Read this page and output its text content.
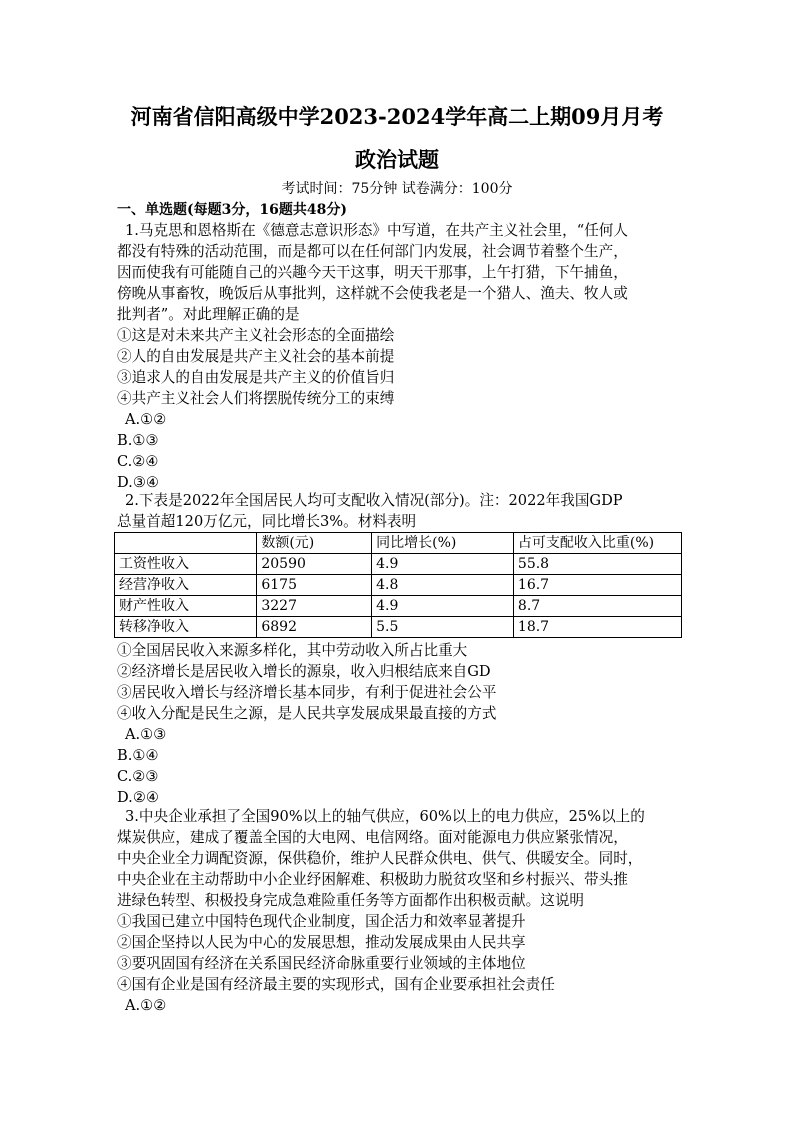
河南省信阳高级中学2023-2024学年高二上期09月月考
政治试题
考试时间：75分钟 试卷满分：100分
一、单选题(每题3分，16题共48分)
1.马克思和恩格斯在《德意志意识形态》中写道，在共产主义社会里，“任何人
都没有特殊的活动范围，而是都可以在任何部门内发展，社会调节着整个生产，
因而使我有可能随自己的兴趣今天干这事，明天干那事，上午打猎，下午捕鱼，
傍晚从事畜牧，晚饭后从事批判，这样就不会使我老是一个猎人、渔夫、牧人或
批判者”。对此理解正确的是
①这是对未来共产主义社会形态的全面描绘
②人的自由发展是共产主义社会的基本前提
③追求人的自由发展是共产主义的价值旨归
④共产主义社会人们将摆脱传统分工的束缚
A.①②
B.①③
C.②④
D.③④
2.下表是2022年全国居民人均可支配收入情况(部分)。注：2022年我国GDP
总量首超120万亿元，同比增长3%。材料表明
	数额(元)	同比增长(%)	占可支配收入比重(%)
工资性收入	20590	4.9	55.8
经营净收入	6175	4.8	16.7
财产性收入	3227	4.9	8.7
转移净收入	6892	5.5	18.7
①全国居民收入来源多样化，其中劳动收入所占比重大
②经济增长是居民收入增长的源泉，收入归根结底来自GD
③居民收入增长与经济增长基本同步，有利于促进社会公平
④收入分配是民生之源，是人民共享发展成果最直接的方式
A.①③
B.①④
C.②③
D.②④
3.中央企业承担了全国90%以上的轴气供应，60%以上的电力供应，25%以上的
煤炭供应，建成了覆盖全国的大电网、电信网络。面对能源电力供应紧张情况，
中央企业全力调配资源，保供稳价，维护人民群众供电、供气、供暖安全。同时，
中央企业在主动帮助中小企业纾困解难、积极助力脱贫攻坚和乡村振兴、带头推
进绿色转型、积极投身完成急难险重任务等方面都作出积极贡献。这说明
①我国已建立中国特色现代企业制度，国企活力和效率显著提升
②国企坚持以人民为中心的发展思想，推动发展成果由人民共享
③要巩固国有经济在关系国民经济命脉重要行业领域的主体地位
④国有企业是国有经济最主要的实现形式，国有企业要承担社会责任
A.①②
